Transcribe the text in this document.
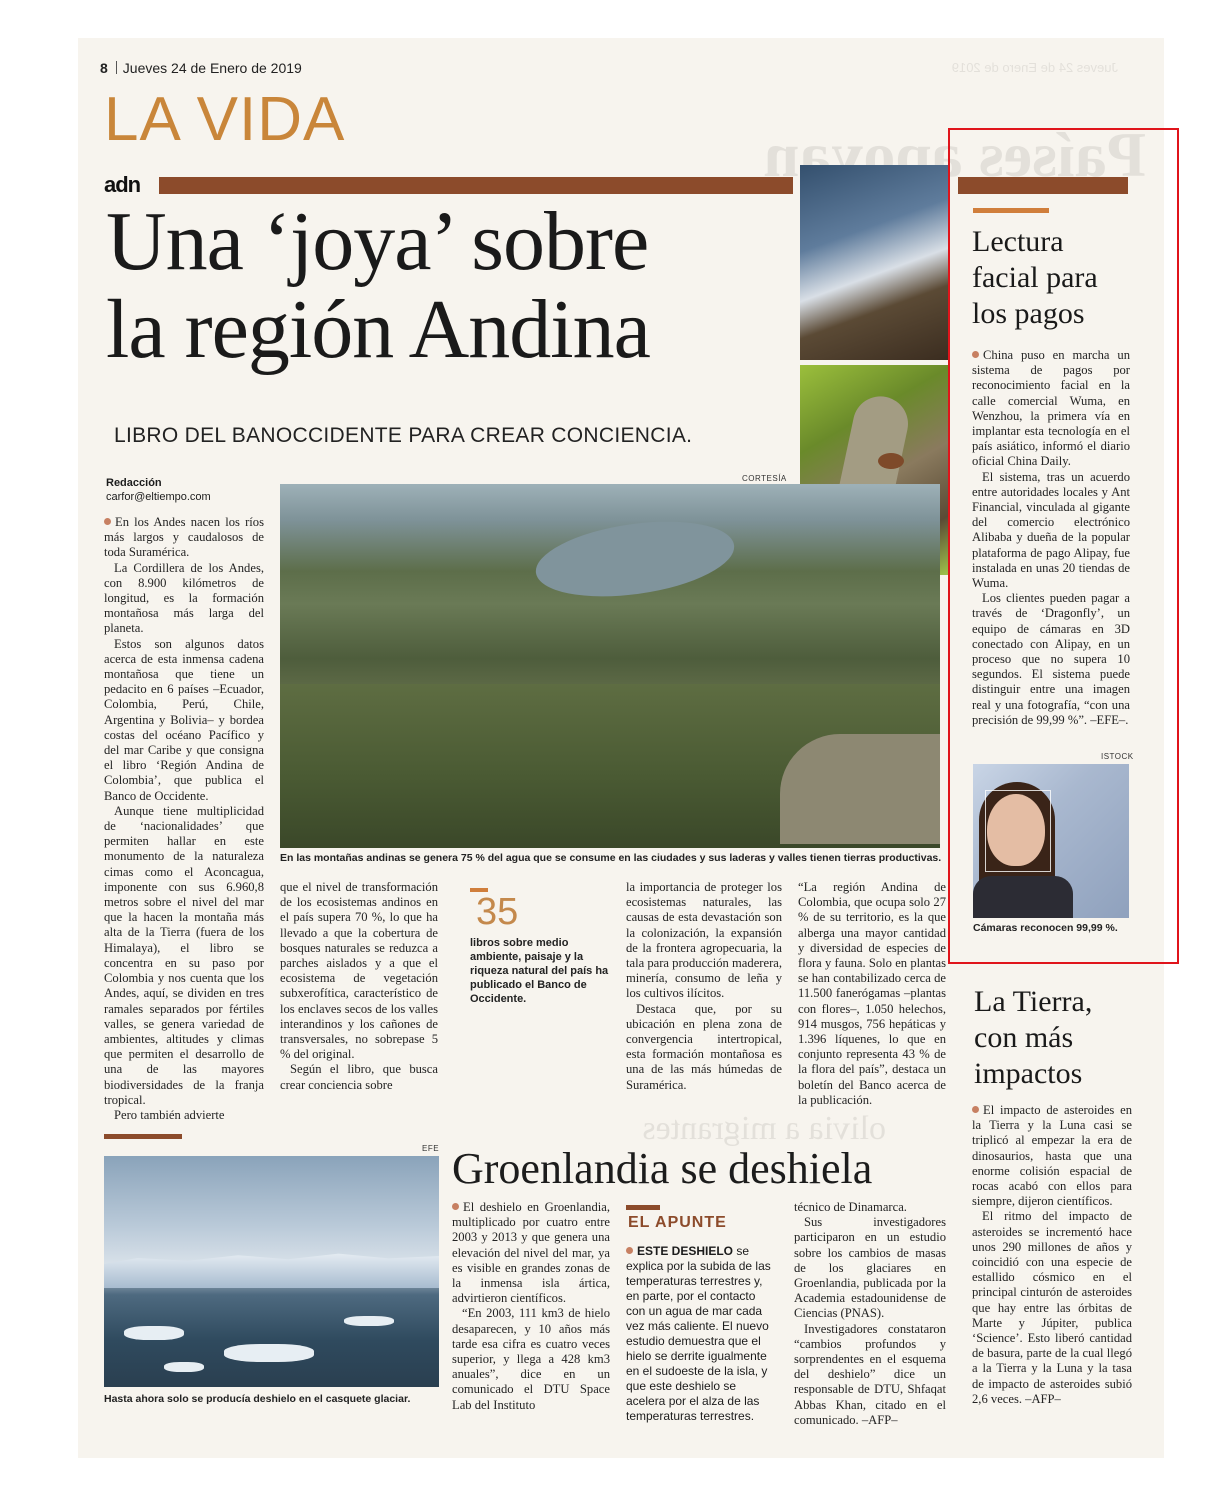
8 Jueves 24 de Enero de 2019
LA VIDA
adn
Una ‘joya’ sobre
la región Andina
LIBRO DEL BANOCCIDENTE PARA CREAR CONCIENCIA.
Redacción
carfor@eltiempo.com
CORTESÍA
En las montañas andinas se genera 75 % del agua que se consume en las ciudades y sus laderas y valles tienen tierras productivas.

En los Andes nacen los ríos más largos y caudalosos de toda Suramérica.

La Cordillera de los Andes, con 8.900 kilómetros de longitud, es la formación montañosa más larga del planeta.

Estos son algunos datos acerca de esta inmensa cadena montañosa que tiene un pedacito en 6 países –Ecuador, Colombia, Perú, Chile, Argentina y Bolivia– y bordea costas del océano Pacífico y del mar Caribe y que consigna el libro ‘Región Andina de Colombia’, que publica el Banco de Occidente.

Aunque tiene multiplicidad de ‘nacionalidades’ que permiten hallar en este monumento de la naturaleza cimas como el Aconcagua, imponente con sus 6.960,8 metros sobre el nivel del mar que la hacen la montaña más alta de la Tierra (fuera de los Himalaya), el libro se concentra en su paso por Colombia y nos cuenta que los Andes, aquí, se dividen en tres ramales separados por fértiles valles, se genera variedad de ambientes, altitudes y climas que permiten el desarrollo de una de las mayores biodiversidades de la franja tropical.

Pero también advierte

que el nivel de transformación de los ecosistemas andinos en el país supera 70 %, lo que ha llevado a que la cobertura de bosques naturales se reduzca a parches aislados y a que el ecosistema de vegetación subxerofítica, característico de los enclaves secos de los valles interandinos y los cañones de transversales, no sobrepase 5 % del original.

Según el libro, que busca crear conciencia sobre

35
libros sobre medio ambiente, paisaje y la riqueza natural del país ha publicado el Banco de Occidente.

la importancia de proteger los ecosistemas naturales, las causas de esta devastación son la colonización, la expansión de la frontera agropecuaria, la tala para producción maderera, minería, consumo de leña y los cultivos ilícitos.

Destaca que, por su ubicación en plena zona de convergencia intertropical, esta formación montañosa es una de las más húmedas de Suramérica.

“La región Andina de Colombia, que ocupa solo 27 % de su territorio, es la que alberga una mayor cantidad y diversidad de especies de flora y fauna. Solo en plantas se han contabilizado cerca de 11.500 fanerógamas –plantas con flores–, 1.050 helechos, 914 musgos, 756 hepáticas y 1.396 líquenes, lo que en conjunto representa 43 % de la flora del país”, destaca un boletín del Banco acerca de la publicación.

Lectura facial para los pagos

China puso en marcha un sistema de pagos por reconocimiento facial en la calle comercial Wuma, en Wenzhou, la primera vía en implantar esta tecnología en el país asiático, informó el diario oficial China Daily.

El sistema, tras un acuerdo entre autoridades locales y Ant Financial, vinculada al gigante del comercio electrónico Alibaba y dueña de la popular plataforma de pago Alipay, fue instalada en unas 20 tiendas de Wuma.

Los clientes pueden pagar a través de ‘Dragonfly’, un equipo de cámaras en 3D conectado con Alipay, en un proceso que no supera 10 segundos. El sistema puede distinguir entre una imagen real y una fotografía, “con una precisión de 99,99 %”. –EFE–.

ISTOCK
Cámaras reconocen 99,99 %.
La Tierra, con más impactos

El impacto de asteroides en la Tierra y la Luna casi se triplicó al empezar la era de dinosaurios, hasta que una enorme colisión espacial de rocas acabó con ellos para siempre, dijeron científicos.

El ritmo del impacto de asteroides se incrementó hace unos 290 millones de años y coincidió con una especie de estallido cósmico en el principal cinturón de asteroides que hay entre las órbitas de Marte y Júpiter, publica ‘Science’. Esto liberó cantidad de basura, parte de la cual llegó a la Tierra y la Luna y la tasa de impacto de asteroides subió 2,6 veces. –AFP–

EFE
Hasta ahora solo se producía deshielo en el casquete glaciar.
Groenlandia se deshiela

El deshielo en Groenlandia, multiplicado por cuatro entre 2003 y 2013 y que genera una elevación del nivel del mar, ya es visible en grandes zonas de la inmensa isla ártica, advirtieron científicos.

“En 2003, 111 km3 de hielo desaparecen, y 10 años más tarde esa cifra es cuatro veces superior, y llega a 428 km3 anuales”, dice en un comunicado el DTU Space Lab del Instituto

EL APUNTE
ESTE DESHIELO se explica por la subida de las temperaturas terrestres y, en parte, por el contacto con un agua de mar cada vez más caliente. El nuevo estudio demuestra que el hielo se derrite igualmente en el sudoeste de la isla, y que este deshielo se acelera por el alza de las temperaturas terrestres.

técnico de Dinamarca.

Sus investigadores participaron en un estudio sobre los cambios de masas de los glaciares en Groenlandia, publicada por la Academia estadounidense de Ciencias (PNAS).

Investigadores constataron “cambios profundos y sorprendentes en el esquema del deshielo” dice un responsable de DTU, Shfaqat Abbas Khan, citado en el comunicado. –AFP–
